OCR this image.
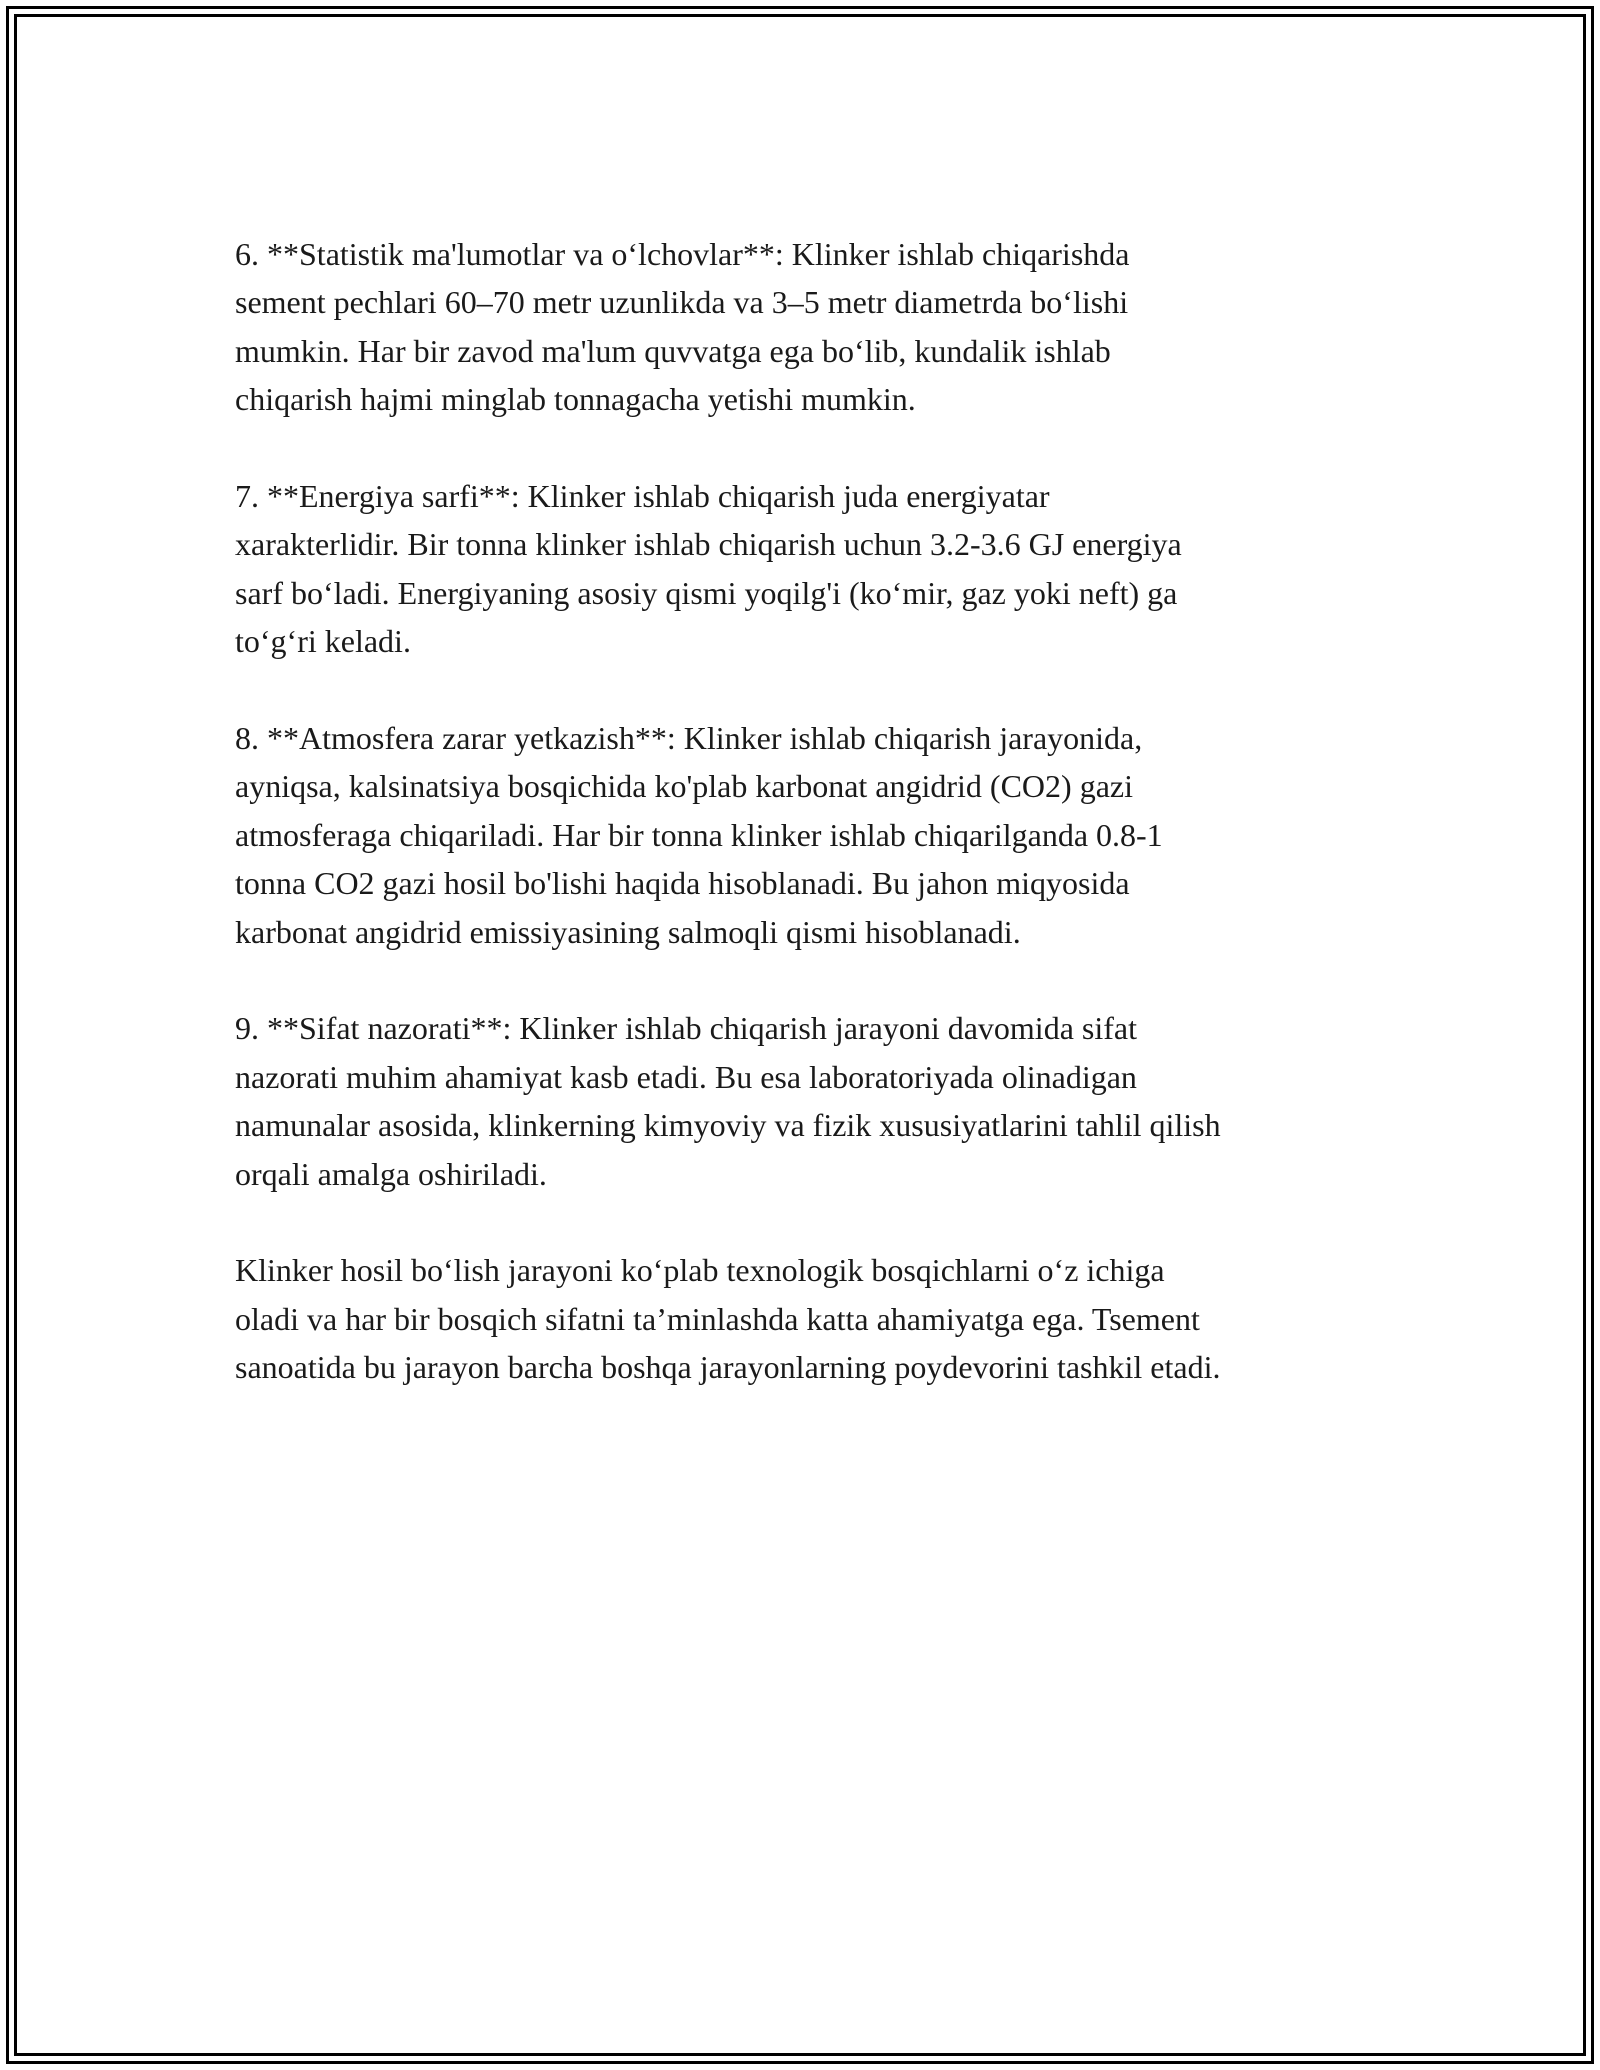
6. **Statistik ma'lumotlar va o‘lchovlar**: Klinker ishlab chiqarishda
sement pechlari 60–70 metr uzunlikda va 3–5 metr diametrda bo‘lishi
mumkin. Har bir zavod ma'lum quvvatga ega bo‘lib, kundalik ishlab
chiqarish hajmi minglab tonnagacha yetishi mumkin.

7. **Energiya sarfi**: Klinker ishlab chiqarish juda energiyatar
xarakterlidir. Bir tonna klinker ishlab chiqarish uchun 3.2-3.6 GJ energiya
sarf bo‘ladi. Energiyaning asosiy qismi yoqilg'i (ko‘mir, gaz yoki neft) ga
to‘g‘ri keladi.

8. **Atmosfera zarar yetkazish**: Klinker ishlab chiqarish jarayonida,
ayniqsa, kalsinatsiya bosqichida ko'plab karbonat angidrid (CO2) gazi
atmosferaga chiqariladi. Har bir tonna klinker ishlab chiqarilganda 0.8-1
tonna CO2 gazi hosil bo'lishi haqida hisoblanadi. Bu jahon miqyosida
karbonat angidrid emissiyasining salmoqli qismi hisoblanadi.

9. **Sifat nazorati**: Klinker ishlab chiqarish jarayoni davomida sifat
nazorati muhim ahamiyat kasb etadi. Bu esa laboratoriyada olinadigan
namunalar asosida, klinkerning kimyoviy va fizik xususiyatlarini tahlil qilish
orqali amalga oshiriladi.

Klinker hosil bo‘lish jarayoni ko‘plab texnologik bosqichlarni o‘z ichiga
oladi va har bir bosqich sifatni ta’minlashda katta ahamiyatga ega. Tsement
sanoatida bu jarayon barcha boshqa jarayonlarning poydevorini tashkil etadi.
